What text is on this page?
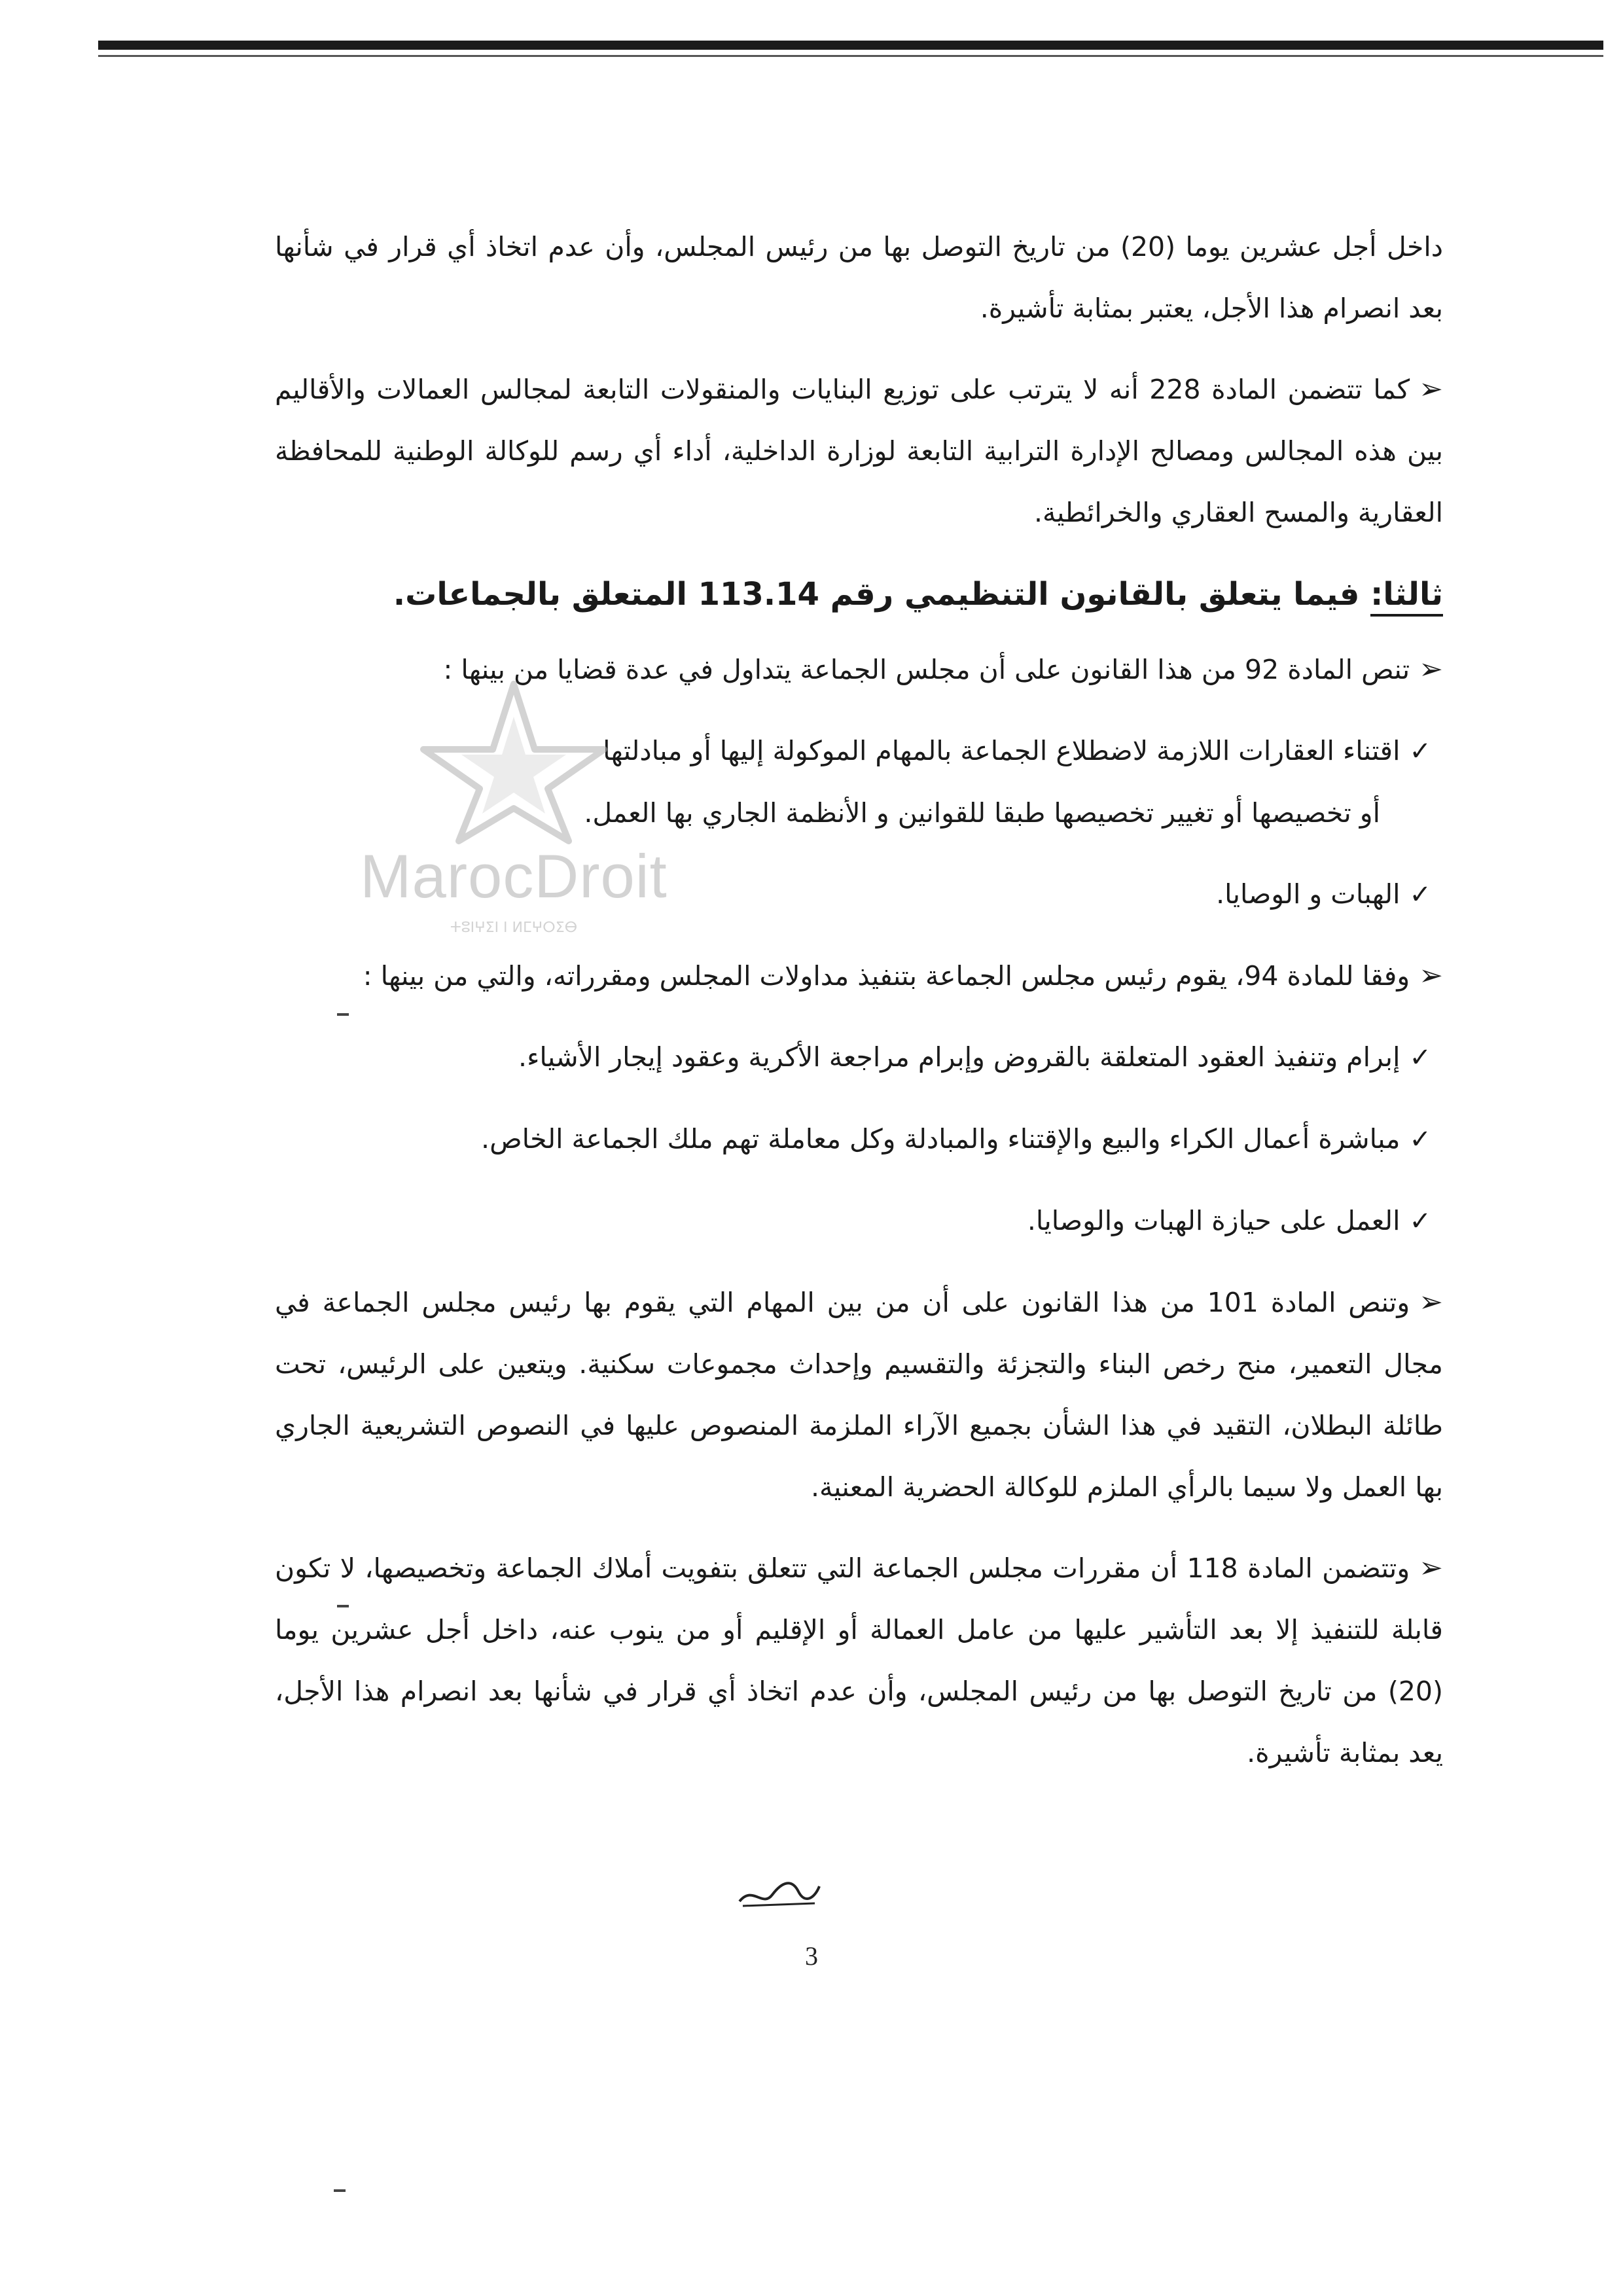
داخل أجل عشرين يوما (20) من تاريخ التوصل بها من رئيس المجلس، وأن عدم اتخاذ أي قرار في شأنها بعد انصرام هذا الأجل، يعتبر بمثابة تأشيرة.

➢كما تتضمن المادة 228 أنه لا يترتب على توزيع البنايات والمنقولات التابعة لمجالس العمالات والأقاليم بين هذه المجالس ومصالح الإدارة الترابية التابعة لوزارة الداخلية، أداء أي رسم للوكالة الوطنية للمحافظة العقارية والمسح العقاري والخرائطية.

ثالثا: فيما يتعلق بالقانون التنظيمي رقم 113.14 المتعلق بالجماعات.

➢تنص المادة 92 من هذا القانون على أن مجلس الجماعة يتداول في عدة قضايا من بينها :

✓اقتناء العقارات اللازمة لاضطلاع الجماعة بالمهام الموكولة إليها أو مبادلتها
أو تخصيصها أو تغيير تخصيصها طبقا للقوانين و الأنظمة الجاري بها العمل.

✓الهبات و الوصايا.

➢وفقا للمادة 94، يقوم رئيس مجلس الجماعة بتنفيذ مداولات المجلس ومقرراته، والتي من بينها :

✓إبرام وتنفيذ العقود المتعلقة بالقروض وإبرام مراجعة الأكرية وعقود إيجار الأشياء.

✓مباشرة أعمال الكراء والبيع والإقتناء والمبادلة وكل معاملة تهم ملك الجماعة الخاص.

✓العمل على حيازة الهبات والوصايا.

➢وتنص المادة 101 من هذا القانون على أن من بين المهام التي يقوم بها رئيس مجلس الجماعة في مجال التعمير، منح رخص البناء والتجزئة والتقسيم وإحداث مجموعات سكنية. ويتعين على الرئيس، تحت طائلة البطلان، التقيد في هذا الشأن بجميع الآراء الملزمة المنصوص عليها في النصوص التشريعية الجاري بها العمل ولا سيما بالرأي الملزم للوكالة الحضرية المعنية.

➢وتتضمن المادة 118 أن مقررات مجلس الجماعة التي تتعلق بتفويت أملاك الجماعة وتخصيصها، لا تكون قابلة للتنفيذ إلا بعد التأشير عليها من عامل العمالة أو الإقليم أو من ينوب عنه، داخل أجل عشرين يوما (20) من تاريخ التوصل بها من رئيس المجلس، وأن عدم اتخاذ أي قرار في شأنها بعد انصرام هذا الأجل، يعد بمثابة تأشيرة.

MarocDroit
ⵜⵓⵏⵖⵉⵏ ⵏ ⵍⵎⵖⵔⵉⴱ
3
